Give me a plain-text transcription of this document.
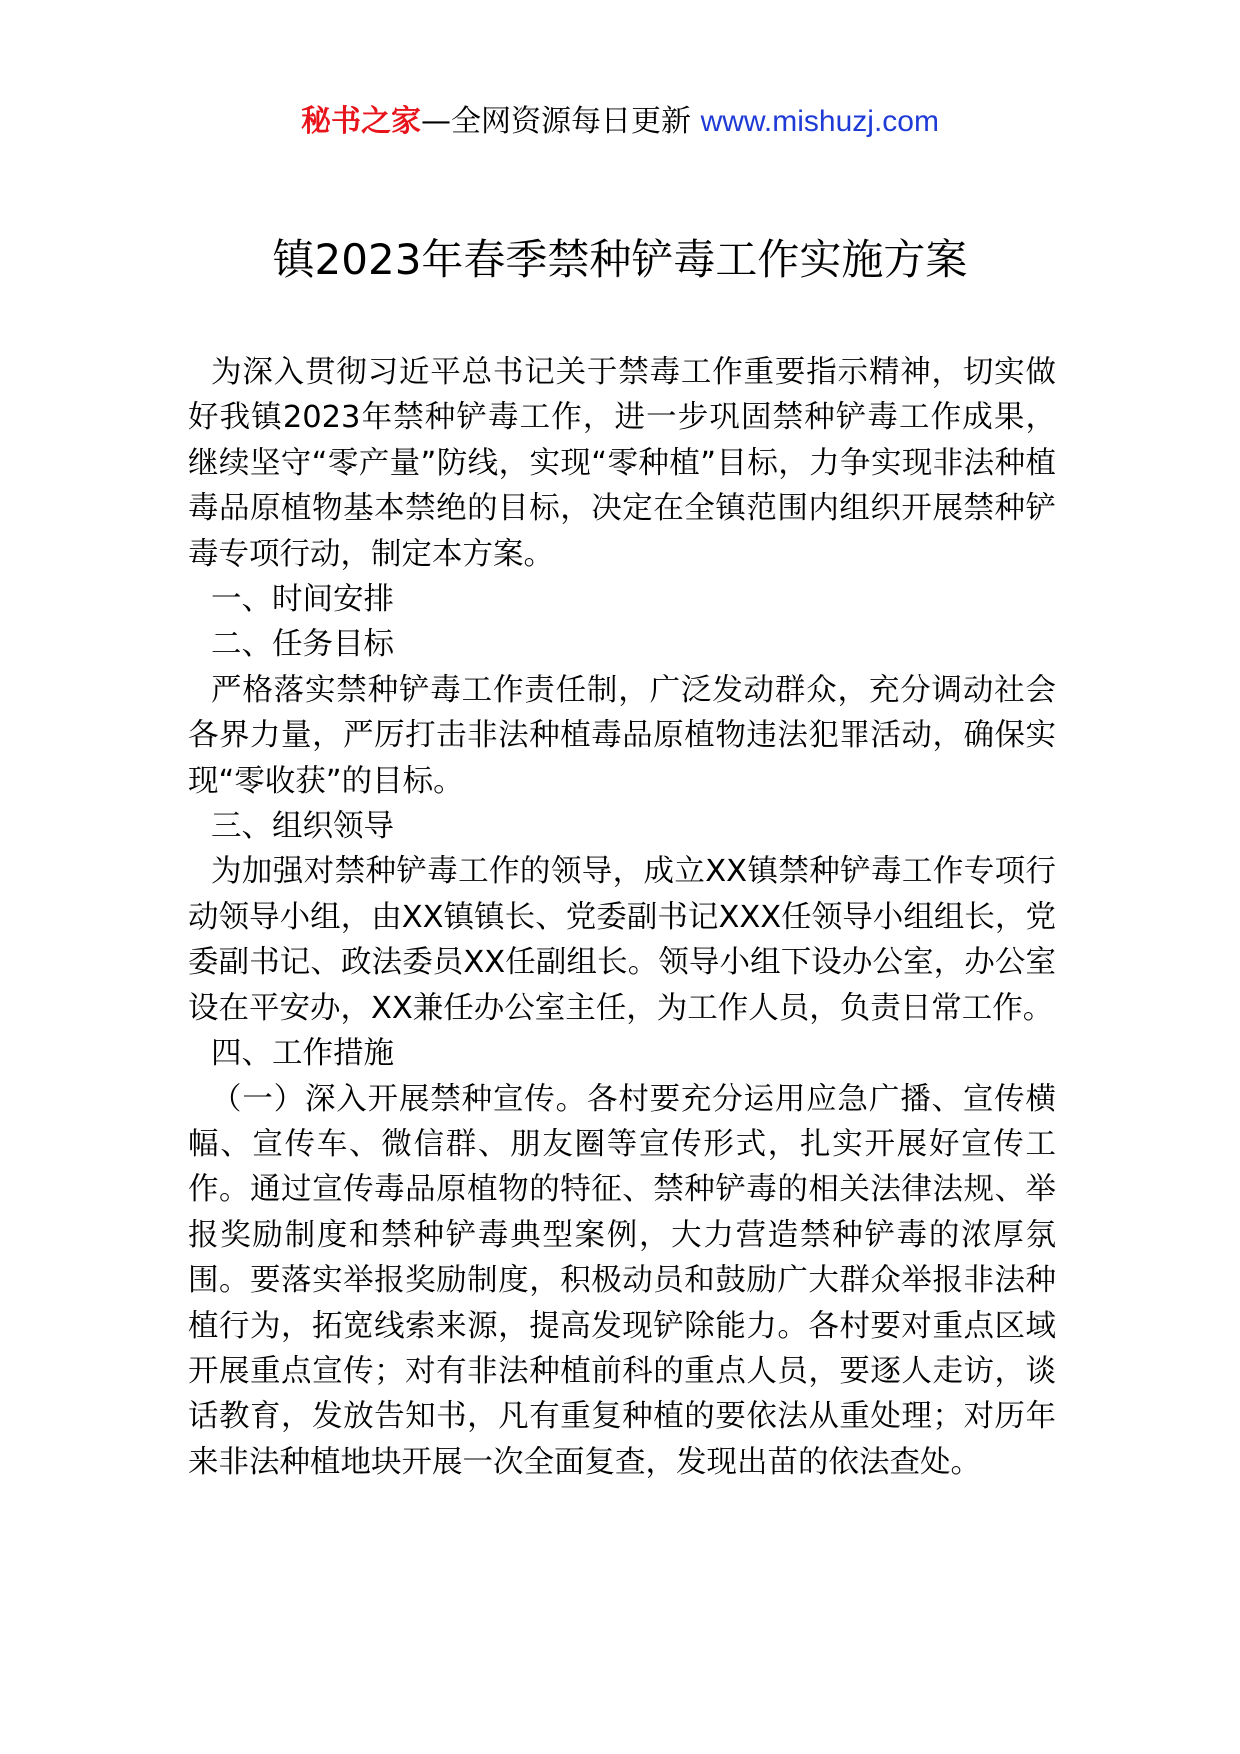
秘书之家—全网资源每日更新 www.mishuzj.com
镇2023年春季禁种铲毒工作实施方案

为深入贯彻习近平总书记关于禁毒工作重要指示精神，切实做好我镇2023年禁种铲毒工作，进一步巩固禁种铲毒工作成果，继续坚守“零产量”防线，实现“零种植”目标，力争实现非法种植毒品原植物基本禁绝的目标，决定在全镇范围内组织开展禁种铲毒专项行动，制定本方案。

一、时间安排

二、任务目标

严格落实禁种铲毒工作责任制，广泛发动群众，充分调动社会各界力量，严厉打击非法种植毒品原植物违法犯罪活动，确保实现“零收获”的目标。

三、组织领导

为加强对禁种铲毒工作的领导，成立XX镇禁种铲毒工作专项行动领导小组，由XX镇镇长、党委副书记XXX任领导小组组长，党委副书记、政法委员XX任副组长。领导小组下设办公室，办公室设在平安办，XX兼任办公室主任，为工作人员，负责日常工作。

四、工作措施

（一）深入开展禁种宣传。各村要充分运用应急广播、宣传横幅、宣传车、微信群、朋友圈等宣传形式，扎实开展好宣传工作。通过宣传毒品原植物的特征、禁种铲毒的相关法律法规、举报奖励制度和禁种铲毒典型案例，大力营造禁种铲毒的浓厚氛围。要落实举报奖励制度，积极动员和鼓励广大群众举报非法种植行为，拓宽线索来源，提高发现铲除能力。各村要对重点区域开展重点宣传；对有非法种植前科的重点人员，要逐人走访，谈话教育，发放告知书，凡有重复种植的要依法从重处理；对历年来非法种植地块开展一次全面复查，发现出苗的依法查处。
